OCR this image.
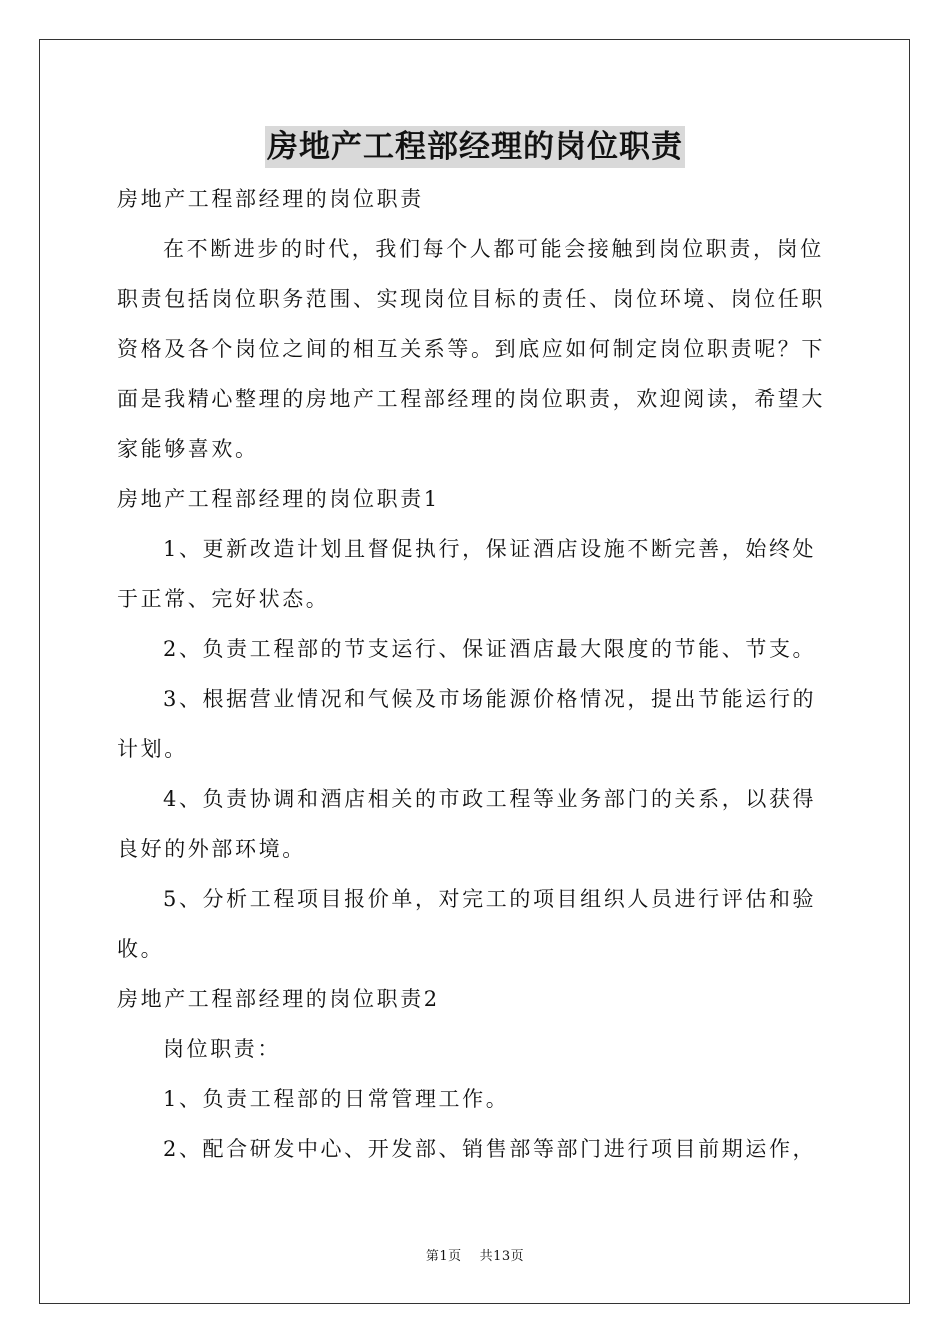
房地产工程部经理的岗位职责
房地产工程部经理的岗位职责
在不断进步的时代，我们每个人都可能会接触到岗位职责，岗位
职责包括岗位职务范围、实现岗位目标的责任、岗位环境、岗位任职
资格及各个岗位之间的相互关系等。到底应如何制定岗位职责呢？下
面是我精心整理的房地产工程部经理的岗位职责，欢迎阅读，希望大
家能够喜欢。
房地产工程部经理的岗位职责1
1、更新改造计划且督促执行，保证酒店设施不断完善，始终处
于正常、完好状态。
2、负责工程部的节支运行、保证酒店最大限度的节能、节支。
3、根据营业情况和气候及市场能源价格情况，提出节能运行的
计划。
4、负责协调和酒店相关的市政工程等业务部门的关系，以获得
良好的外部环境。
5、分析工程项目报价单，对完工的项目组织人员进行评估和验
收。
房地产工程部经理的岗位职责2
岗位职责：
1、负责工程部的日常管理工作。
2、配合研发中心、开发部、销售部等部门进行项目前期运作，
第1页 共13页
